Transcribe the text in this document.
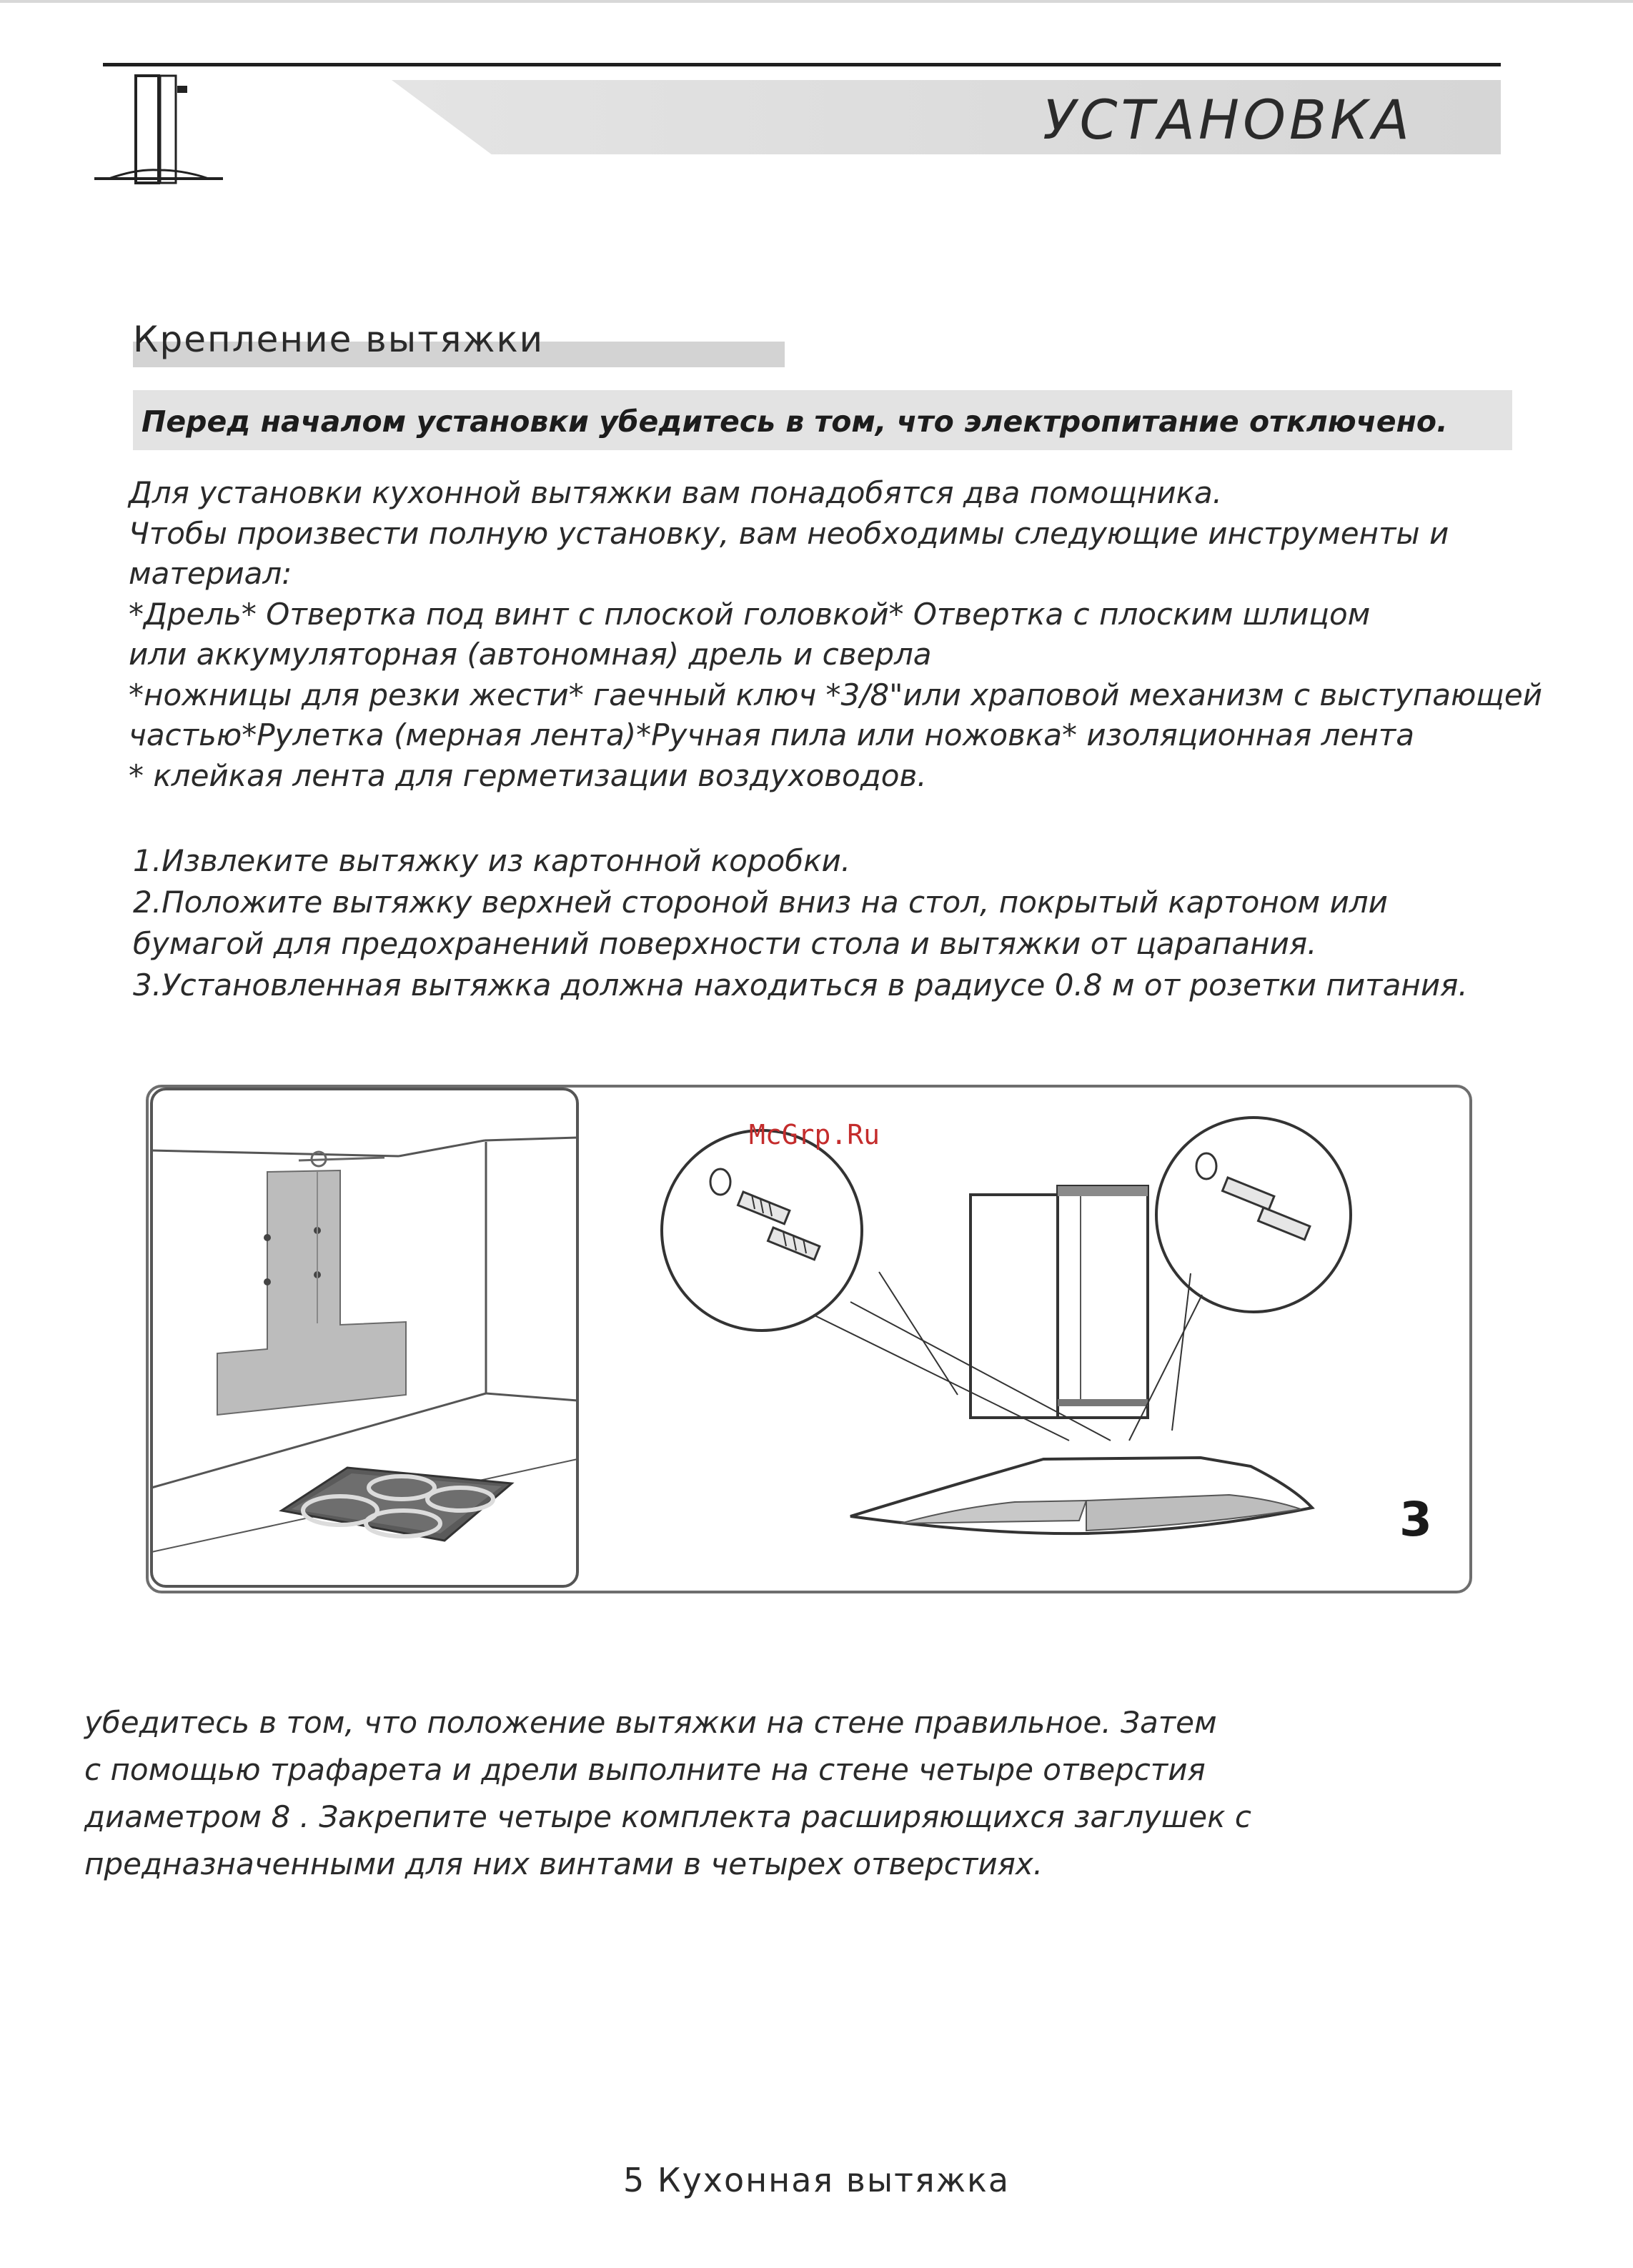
УСТАНОВКА
Крепление вытяжки
Перед началом установки убедитесь в том, что электропитание отключено.

Для установки кухонной вытяжки вам понадобятся два помощника.

Чтобы произвести полную установку, вам необходимы следующие инструменты и

материал:

*Дрель* Отвертка под винт с плоской головкой* Отвертка с плоским шлицом

или аккумуляторная (автономная) дрель и сверла

*ножницы для резки жести* гаечный ключ *3/8"или храповой механизм с выступающей

частью*Рулетка (мерная лента)*Ручная пила или ножовка* изоляционная лента

* клейкая лента для герметизации воздуховодов.

1.Извлеките вытяжку из картонной коробки.

2.Положите вытяжку верхней стороной вниз на стол, покрытый картоном или

бумагой для предохранений поверхности стола и вытяжки от царапания.

3.Установленная вытяжка должна находиться в радиусе 0.8 м от розетки питания.

McGrp.Ru
3

убедитесь в том, что положение вытяжки на стене правильное. Затем

с помощью трафарета и дрели выполните на стене четыре отверстия

диаметром 8 . Закрепите четыре комплекта расширяющихся заглушек с

предназначенными для них винтами в четырех отверстиях.

5 Кухонная вытяжка
